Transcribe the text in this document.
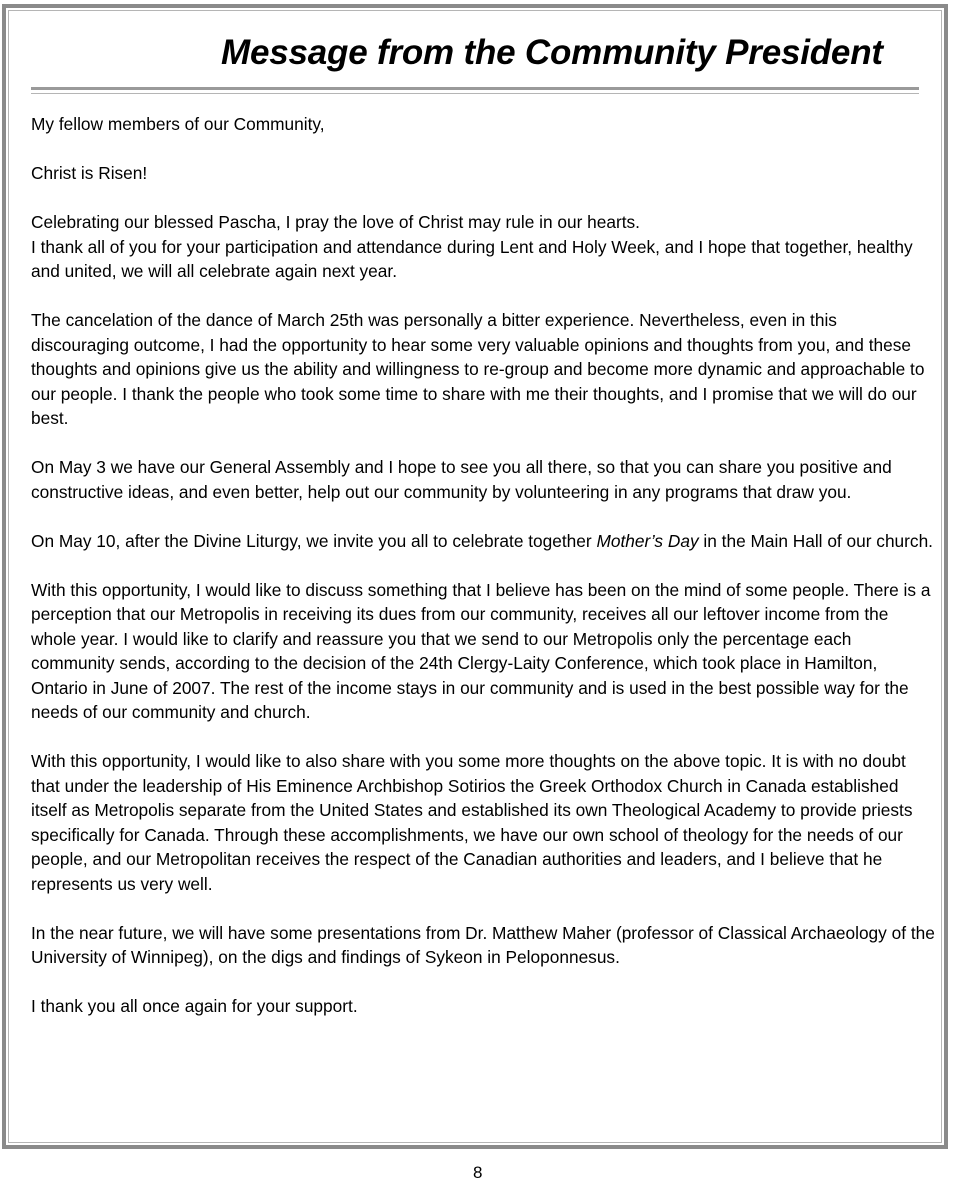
Message from the Community President

My fellow members of our Community,

Christ is Risen!

Celebrating our blessed Pascha, I pray the love of Christ may rule in our hearts.

I thank all of you for your participation and attendance during Lent and Holy Week, and I hope that together, healthy and united, we will all celebrate again next year.

The cancelation of the dance of March 25th was personally a bitter experience. Nevertheless, even in this discouraging outcome, I had the opportunity to hear some very valuable opinions and thoughts from you, and these thoughts and opinions give us the ability and willingness to re-group and become more dynamic and approachable to our people. I thank the people who took some time to share with me their thoughts, and I promise that we will do our best.

On May 3 we have our General Assembly and I hope to see you all there, so that you can share you positive and constructive ideas, and even better, help out our community by volunteering in any programs that draw you.

On May 10, after the Divine Liturgy, we invite you all to celebrate together Mother’s Day in the Main Hall of our church.

With this opportunity, I would like to discuss something that I believe has been on the mind of some people. There is a perception that our Metropolis in receiving its dues from our community, receives all our leftover income from the whole year. I would like to clarify and reassure you that we send to our Metropolis only the percentage each community sends, according to the decision of the 24th Clergy-Laity Conference, which took place in Hamilton, Ontario in June of 2007. The rest of the income stays in our community and is used in the best possible way for the needs of our community and church.

With this opportunity, I would like to also share with you some more thoughts on the above topic. It is with no doubt that under the leadership of His Eminence Archbishop Sotirios the Greek Orthodox Church in Canada established itself as Metropolis separate from the United States and established its own Theological Academy to provide priests specifically for Canada. Through these accomplishments, we have our own school of theology for the needs of our people, and our Metropolitan receives the respect of the Canadian authorities and leaders, and I believe that he represents us very well.

In the near future, we will have some presentations from Dr. Matthew Maher (professor of Classical Archaeology of the University of Winnipeg), on the digs and findings of Sykeon in Peloponnesus.

I thank you all once again for your support.

8
